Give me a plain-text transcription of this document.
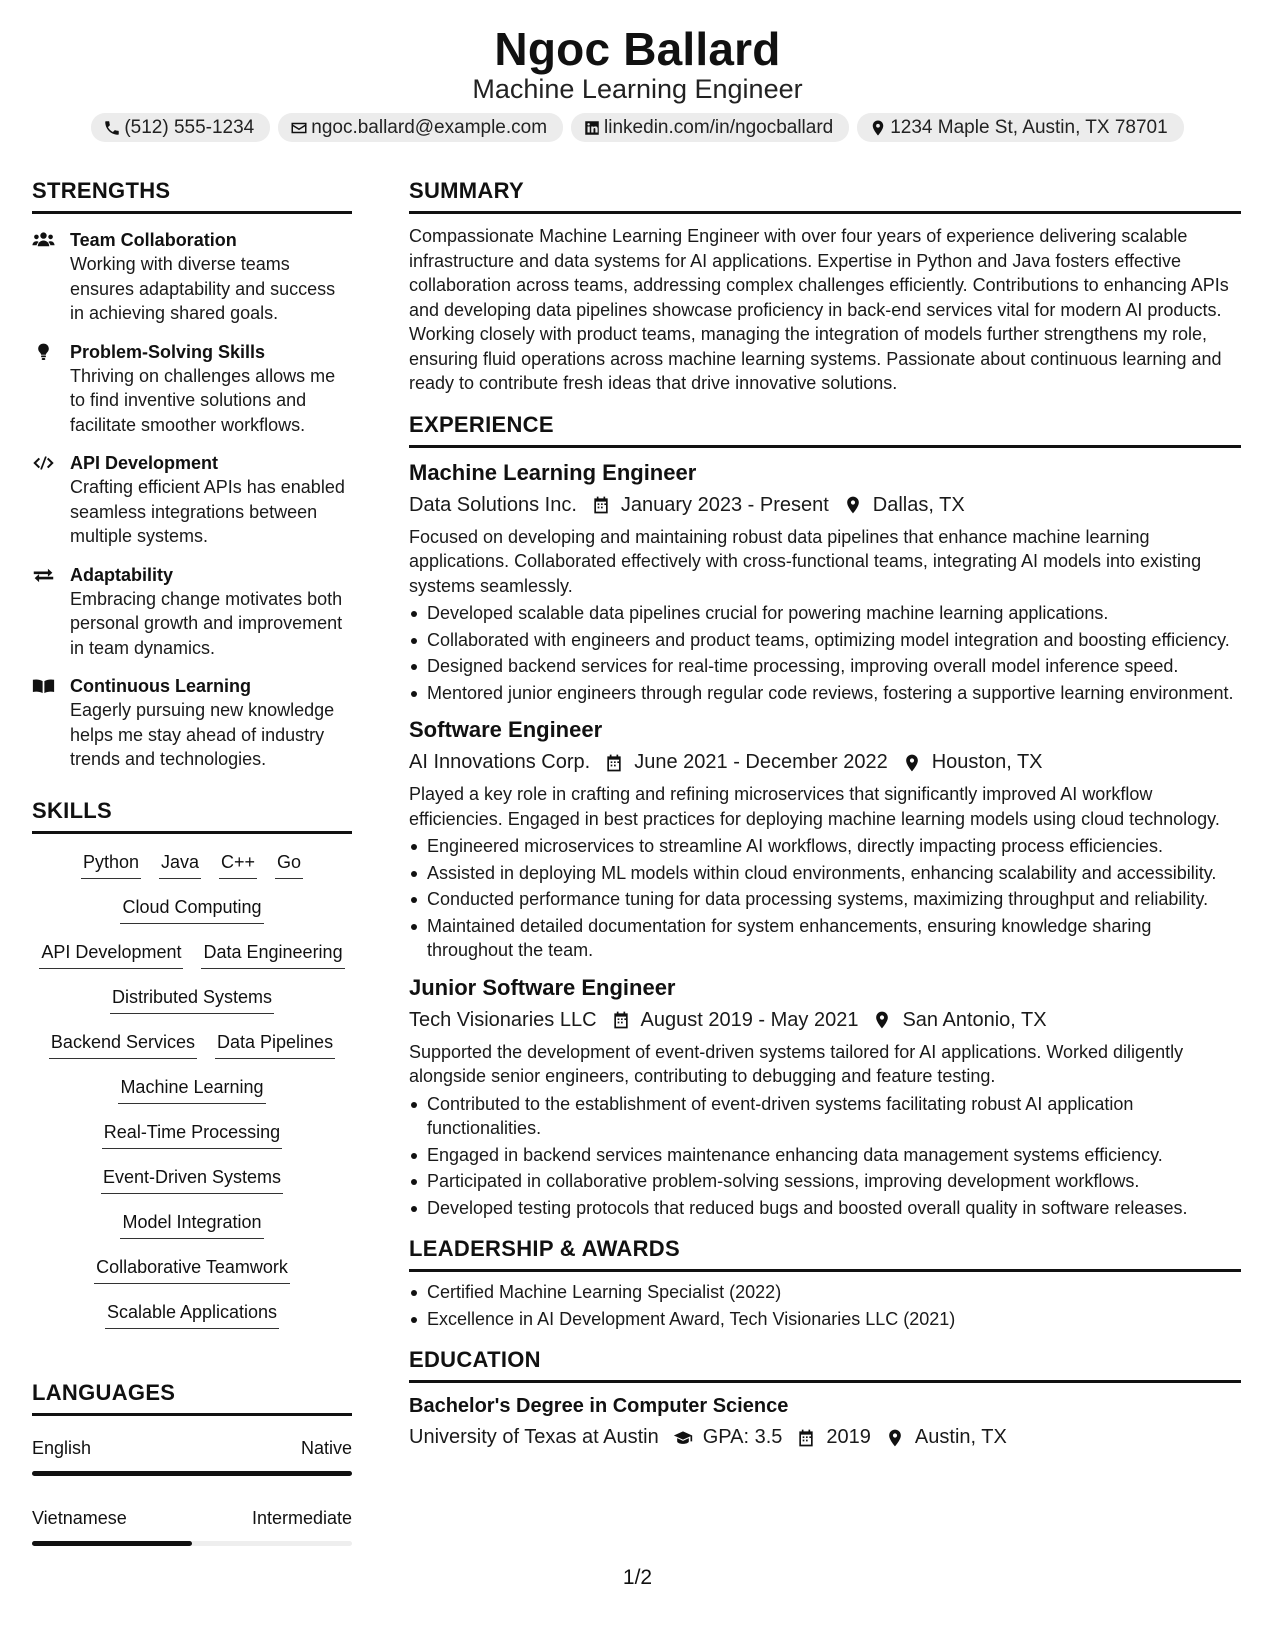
Ngoc Ballard
Machine Learning Engineer
(512) 555-1234	ngoc.ballard@example.com	linkedin.com/in/ngocballard	1234 Maple St, Austin, TX 78701
STRENGTHS
Team Collaboration
Working with diverse teams ensures adaptability and success in achieving shared goals.
Problem-Solving Skills
Thriving on challenges allows me to find inventive solutions and facilitate smoother workflows.
API Development
Crafting efficient APIs has enabled seamless integrations between multiple systems.
Adaptability
Embracing change motivates both personal growth and improvement in team dynamics.
Continuous Learning
Eagerly pursuing new knowledge helps me stay ahead of industry trends and technologies.
SKILLS
Python Java C++ Go
Cloud Computing
API Development Data Engineering
Distributed Systems
Backend Services Data Pipelines
Machine Learning
Real-Time Processing
Event-Driven Systems
Model Integration
Collaborative Teamwork
Scalable Applications
LANGUAGES
English	Native
Vietnamese	Intermediate
SUMMARY
Compassionate Machine Learning Engineer with over four years of experience delivering scalable infrastructure and data systems for AI applications. Expertise in Python and Java fosters effective collaboration across teams, addressing complex challenges efficiently. Contributions to enhancing APIs and developing data pipelines showcase proficiency in back-end services vital for modern AI products. Working closely with product teams, managing the integration of models further strengthens my role, ensuring fluid operations across machine learning systems. Passionate about continuous learning and ready to contribute fresh ideas that drive innovative solutions.
EXPERIENCE
Machine Learning Engineer
Data Solutions Inc. January 2023 - Present Dallas, TX
Focused on developing and maintaining robust data pipelines that enhance machine learning applications. Collaborated effectively with cross-functional teams, integrating AI models into existing systems seamlessly.
Developed scalable data pipelines crucial for powering machine learning applications.
Collaborated with engineers and product teams, optimizing model integration and boosting efficiency.
Designed backend services for real-time processing, improving overall model inference speed.
Mentored junior engineers through regular code reviews, fostering a supportive learning environment.
Software Engineer
AI Innovations Corp. June 2021 - December 2022 Houston, TX
Played a key role in crafting and refining microservices that significantly improved AI workflow efficiencies. Engaged in best practices for deploying machine learning models using cloud technology.
Engineered microservices to streamline AI workflows, directly impacting process efficiencies.
Assisted in deploying ML models within cloud environments, enhancing scalability and accessibility.
Conducted performance tuning for data processing systems, maximizing throughput and reliability.
Maintained detailed documentation for system enhancements, ensuring knowledge sharing throughout the team.
Junior Software Engineer
Tech Visionaries LLC August 2019 - May 2021 San Antonio, TX
Supported the development of event-driven systems tailored for AI applications. Worked diligently alongside senior engineers, contributing to debugging and feature testing.
Contributed to the establishment of event-driven systems facilitating robust AI application functionalities.
Engaged in backend services maintenance enhancing data management systems efficiency.
Participated in collaborative problem-solving sessions, improving development workflows.
Developed testing protocols that reduced bugs and boosted overall quality in software releases.
LEADERSHIP & AWARDS
Certified Machine Learning Specialist (2022)
Excellence in AI Development Award, Tech Visionaries LLC (2021)
EDUCATION
Bachelor's Degree in Computer Science
University of Texas at Austin GPA: 3.5 2019 Austin, TX
1/2
